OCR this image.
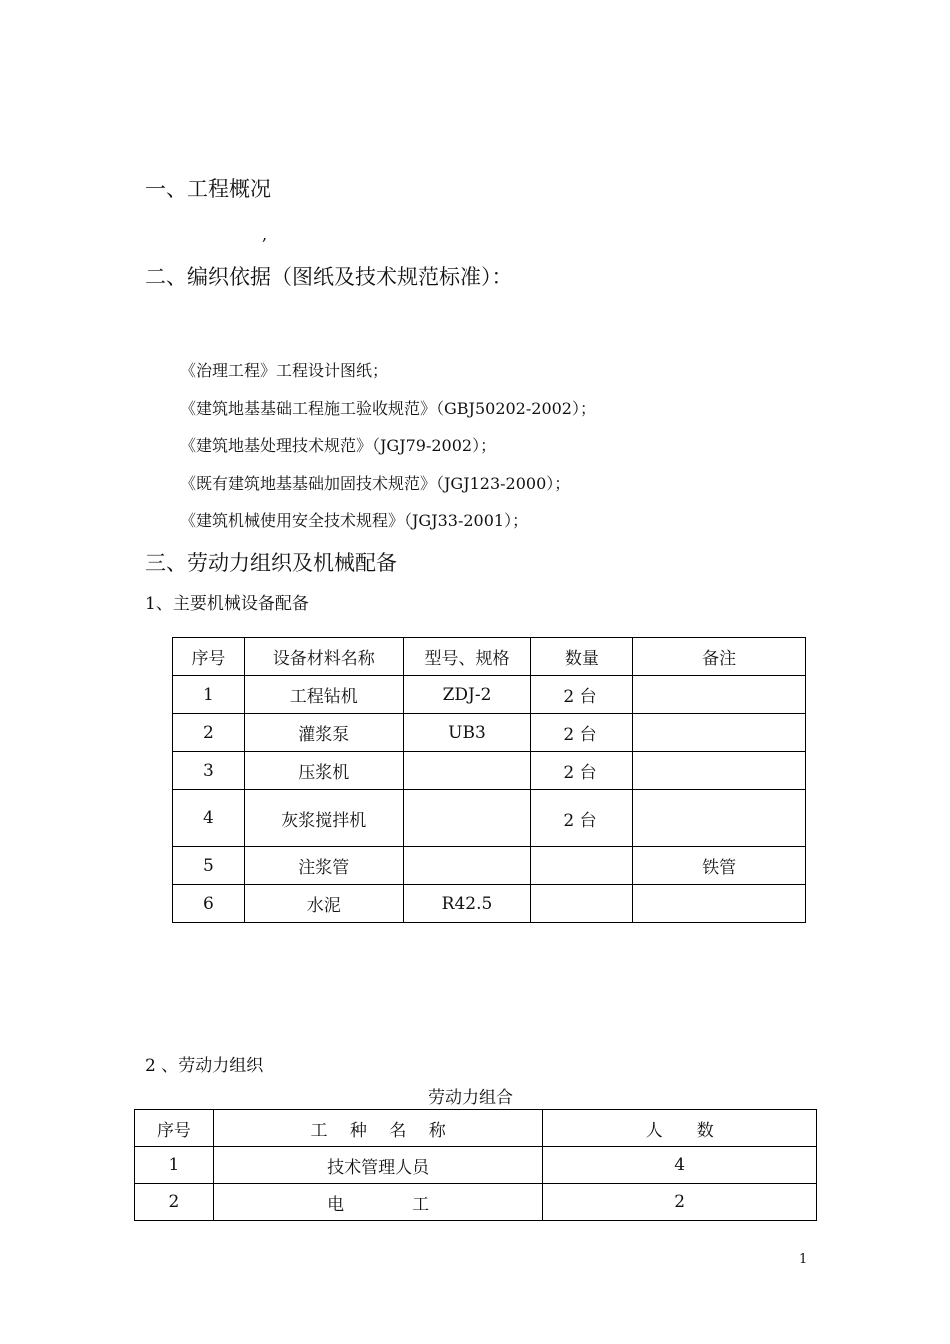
一、工程概况
,
二、编织依据（图纸及技术规范标准）：
《治理工程》工程设计图纸；
《建筑地基基础工程施工验收规范》（GBJ50202-2002）；
《建筑地基处理技术规范》（JGJ79-2002）；
《既有建筑地基基础加固技术规范》（JGJ123-2000）；
《建筑机械使用安全技术规程》（JGJ33-2001）；
三、劳动力组织及机械配备
1、主要机械设备配备
序号	设备材料名称	型号、规格	数量	备注
1	工程钻机	ZDJ-2	2 台	
2	灌浆泵	UB3	2 台	
3	压浆机		2 台	
4	灰浆搅拌机		2 台	
5	注浆管			铁管
6	水泥	R42.5		
2 、劳动力组织
劳动力组合
序号	工　 种　 名　 称	人　　数
1	技术管理人员	4
2	电　　　　工	2
1
